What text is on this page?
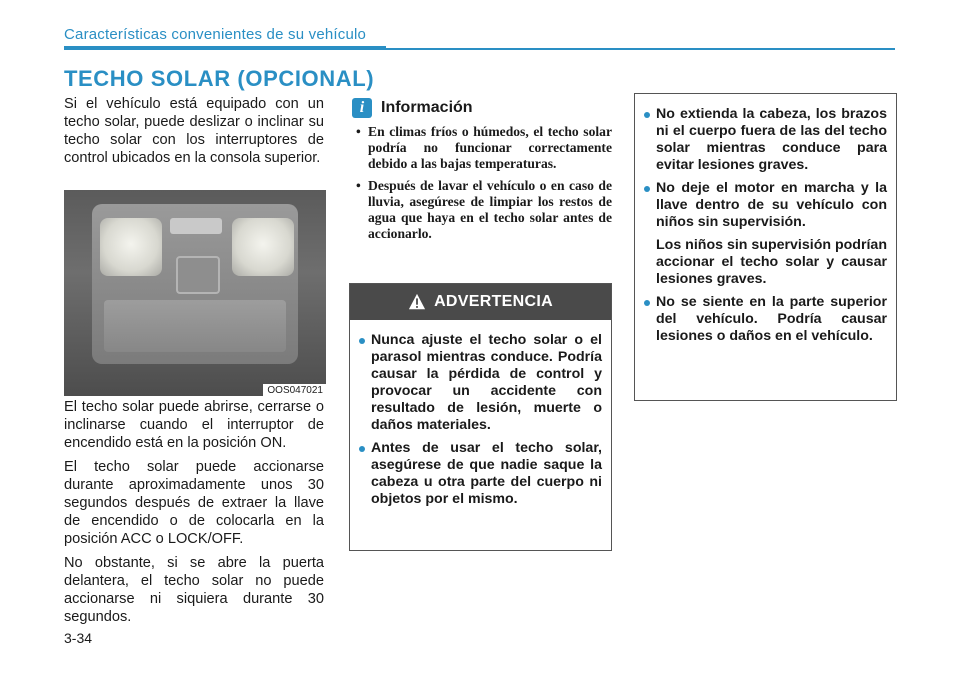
Características convenientes de su vehículo
TECHO SOLAR (OPCIONAL)

Si el vehículo está equipado con un techo solar, puede deslizar o inclinar su techo solar con los interruptores de control ubicados en la consola superior.

OOS047021

El techo solar puede abrirse, cerrarse o inclinarse cuando el interruptor de encendido está en la posición ON.

El techo solar puede accionarse durante aproximadamente unos 30 segundos después de extraer la llave de encendido o de colocarla en la posición ACC o LOCK/OFF.

No obstante, si se abre la puerta delantera, el techo solar no puede accionarse ni siquiera durante 30 segundos.

i	Información
• En climas fríos o húmedos, el techo solar podría no funcionar correctamente debido a las bajas temperaturas.
• Después de lavar el vehículo o en caso de lluvia, asegúrese de limpiar los restos de agua que haya en el techo solar antes de accionarlo.
ADVERTENCIA
Nunca ajuste el techo solar o el parasol mientras conduce. Podría causar la pérdida de control y provocar un accidente con resultado de lesión, muerte o daños materiales.
Antes de usar el techo solar, asegúrese de que nadie saque la cabeza u otra parte del cuerpo ni objetos por el mismo.
No extienda la cabeza, los brazos ni el cuerpo fuera de las del techo solar mientras conduce para evitar lesiones graves.
No deje el motor en marcha y la llave dentro de su vehículo con niños sin supervisión.
Los niños sin supervisión podrían accionar el techo solar y causar lesiones graves.
No se siente en la parte superior del vehículo. Podría causar lesiones o daños en el vehículo.
3-34
